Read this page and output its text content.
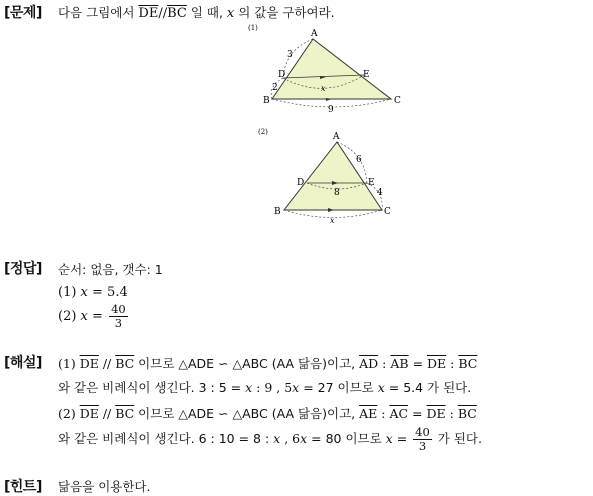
[문제] 다음 그림에서 $\overline{DE}//\overline{BC}$ 일 때, x 의 값을 구하여라.
(1)
A
B	C
D	E
3
2	x
9
(2)	A
B	C
D	E
6
4
8
x
[정답] 순서: 없음, 갯수: 1
(1) x = 5.4
(2) $x = \frac{40}{3}$
[해설] (1) $\overline{DE} // \overline{BC}$ 이므로 △ADE ∽ △ABC (AA 닮음)이고, $\overline{AD}$ : $\overline{AB} = \overline{DE}$ : $\overline{BC}$
와 같은 비례식이 생긴다. 3 : 5 = x : 9 , 5x = 27 이므로 x = 5.4 가 된다.
(2) $\overline{DE} // \overline{BC}$ 이므로 △ADE ∽ △ABC (AA 닮음)이고, $\overline{AE}$ : $\overline{AC} = \overline{DE}$ : $\overline{BC}$
와 같은 비례식이 생긴다. 6 : 10 = 8 : x , 6x = 80 이므로 $x = \frac{40}{3}$ 가 된다.
[힌트] 닮음을 이용한다.
